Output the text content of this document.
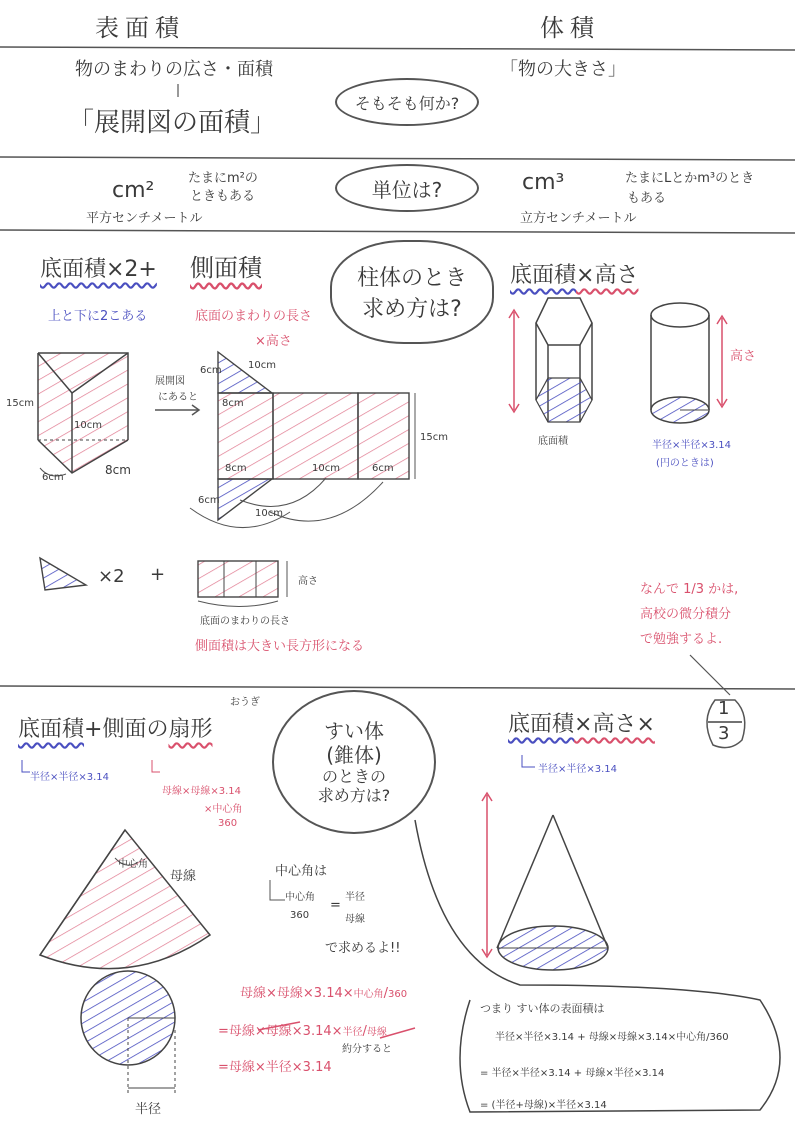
表面積	体積
物のまわりの広さ・面積
「展開図の面積」
そもそも何か?
「物の大きさ」
cm²
平方センチメートル
たまにm²の
ときもある	単位は?	cm³
立方センチメートル
たまにLとかm³のとき
もある
底面積×2+ 側面積
上と下に2こある	底面のまわりの長さ
×高さ
柱体のとき
求め方は?
底面積×高さ
15cm
10cm
6cm
8cm
展開図
にあると
6cm	10cm
8cm
15cm
8cm	10cm	6cm
6cm
10cm
底面積
高さ
半径×半径×3.14
(円のときは)
×2 +	高さ
底面のまわりの長さ
側面積は大きい長方形になる
なんで 1/3 かは,
高校の微分積分
で勉強するよ.
おうぎ
底面積+側面の扇形
半径×半径×3.14
母線×母線×3.14
×中心角
360
すい体
(錐体)
のときの
求め方は?
底面積×高さ×
1
3
半径×半径×3.14
中心角
母線	中心角は
中心角
360
=
半径
母線
で求めるよ!!
母線×母線×3.14×中心角/360
=母線×母線×3.14×半径/母線
約分すると
=母線×半径×3.14
半径
つまり すい体の表面積は
半径×半径×3.14 + 母線×母線×3.14×中心角/360
= 半径×半径×3.14 + 母線×半径×3.14
= (半径+母線)×半径×3.14
